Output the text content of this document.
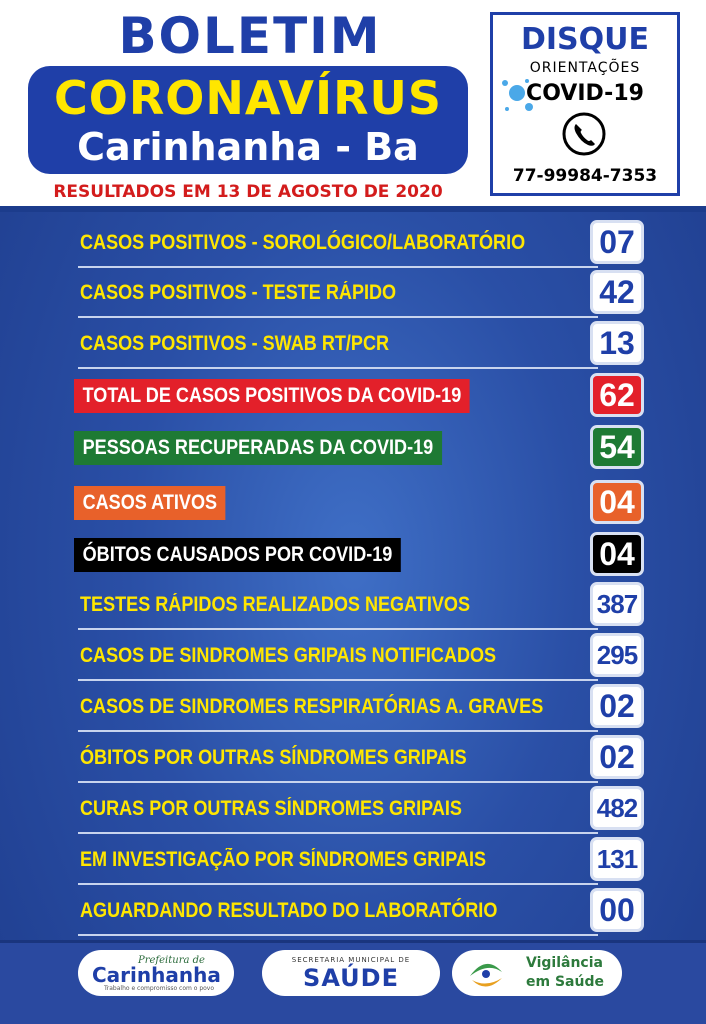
BOLETIM
CORONAVÍRUS
Carinhanha - Ba
RESULTADOS EM 13 DE AGOSTO DE 2020
DISQUE
ORIENTAÇÕES
COVID-19
77-99984-7353
CASOS POSITIVOS - SOROLÓGICO/LABORATÓRIO 07
CASOS POSITIVOS - TESTE RÁPIDO	42
CASOS POSITIVOS - SWAB RT/PCR	13
TOTAL DE CASOS POSITIVOS DA COVID-19	62
PESSOAS RECUPERADAS DA COVID-19	54
CASOS ATIVOS	04
ÓBITOS CAUSADOS POR COVID-19	04
TESTES RÁPIDOS REALIZADOS NEGATIVOS	387
CASOS DE SINDROMES GRIPAIS NOTIFICADOS	295
CASOS DE SINDROMES RESPIRATÓRIAS A. GRAVES 02
ÓBITOS POR OUTRAS SÍNDROMES GRIPAIS	02
CURAS POR OUTRAS SÍNDROMES GRIPAIS	482
EM INVESTIGAÇÃO POR SÍNDROMES GRIPAIS	131
AGUARDANDO RESULTADO DO LABORATÓRIO	00
Prefeitura de
Carinhanha
Trabalho e compromisso com o povo
SECRETARIA MUNICIPAL DE
SAÚDE
Vigilância
em Saúde
